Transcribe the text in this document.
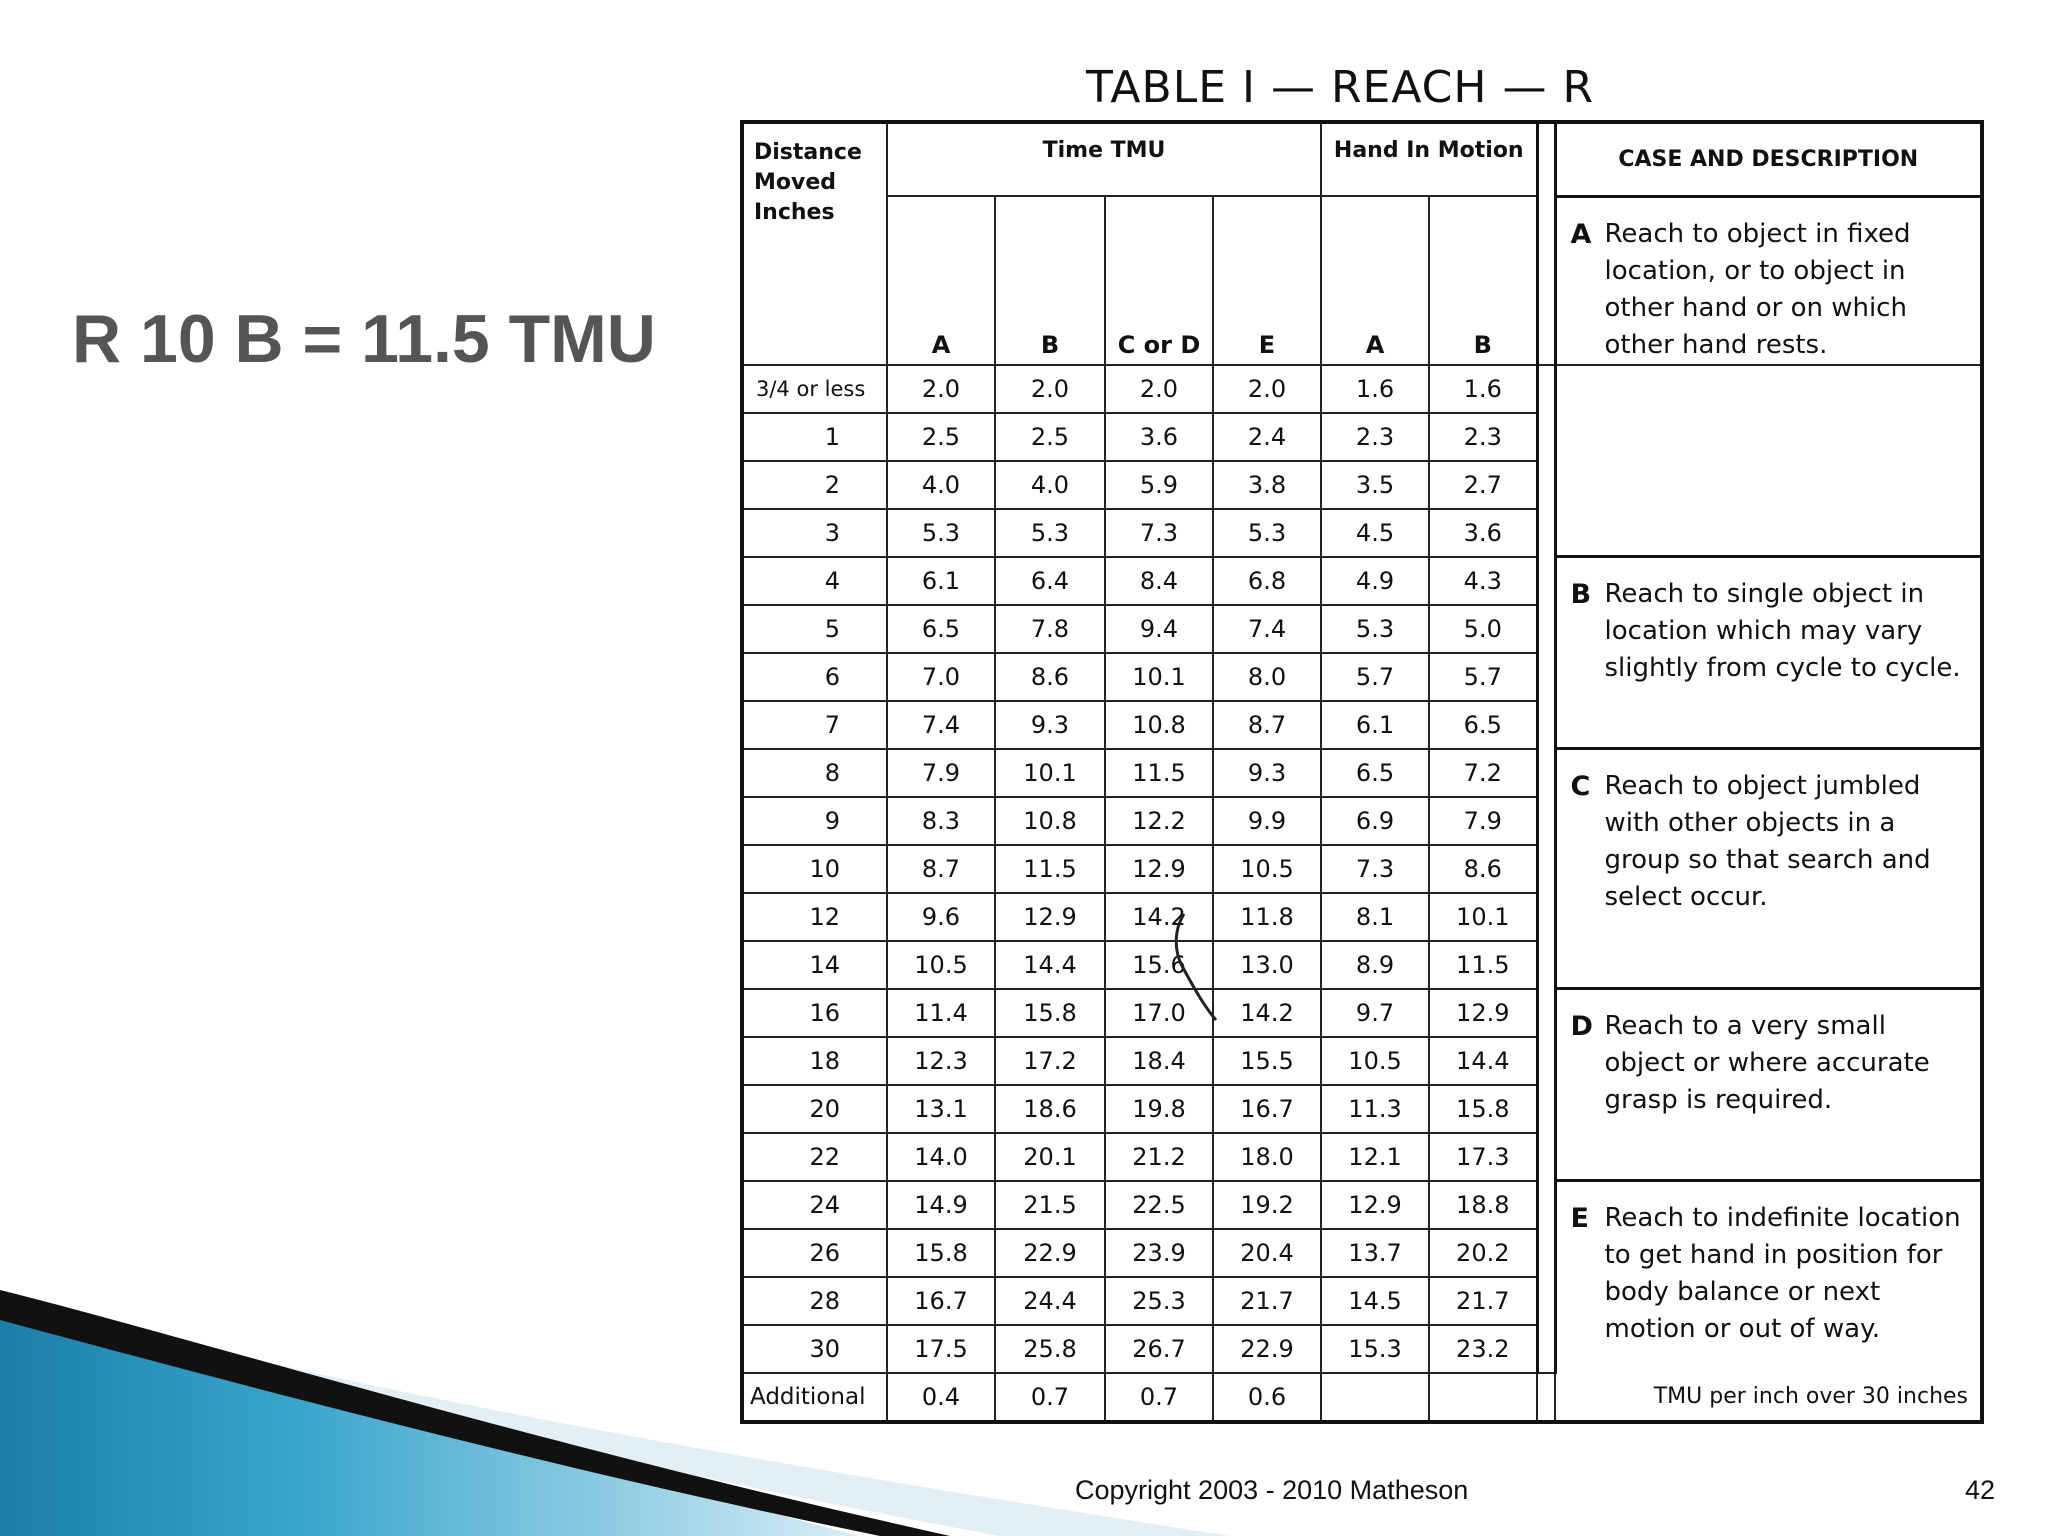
R 10 B = 11.5 TMU
TABLE I — REACH — R
Distance Moved Inches	Time TMU				Hand In Motion			CASE AND DESCRIPTION
	A	B	C or D	E	A	B		A Reach to object in fixed location, or to object in other hand or on which other hand rests.

3/4 or less	2.0	2.0	2.0	2.0	1.6	1.6		
1	2.5	2.5	3.6	2.4	2.3	2.3		
2	4.0	4.0	5.9	3.8	3.5	2.7		
3	5.3	5.3	7.3	5.3	4.5	3.6		
4	6.1	6.4	8.4	6.8	4.9	4.3		B Reach to single object in location which may vary slightly from cycle to cycle.

5	6.5	7.8	9.4	7.4	5.3	5.0		
6	7.0	8.6	10.1	8.0	5.7	5.7		
7	7.4	9.3	10.8	8.7	6.1	6.5		
8	7.9	10.1	11.5	9.3	6.5	7.2		C Reach to object jumbled with other objects in a group so that search and select occur.

9	8.3	10.8	12.2	9.9	6.9	7.9		
10	8.7	11.5	12.9	10.5	7.3	8.6		
12	9.6	12.9	14.2	11.8	8.1	10.1		
14	10.5	14.4	15.6	13.0	8.9	11.5		
16	11.4	15.8	17.0	14.2	9.7	12.9		D Reach to a very small object or where accurate grasp is required.

18	12.3	17.2	18.4	15.5	10.5	14.4		
20	13.1	18.6	19.8	16.7	11.3	15.8		
22	14.0	20.1	21.2	18.0	12.1	17.3		
24	14.9	21.5	22.5	19.2	12.9	18.8		E Reach to indefinite location to get hand in position for body balance or next motion or out of way.

26	15.8	22.9	23.9	20.4	13.7	20.2		
28	16.7	24.4	25.3	21.7	14.5	21.7		
30	17.5	25.8	26.7	22.9	15.3	23.2		
Additional	0.4	0.7	0.7	0.6			TMU per inch over 30 inches	
Copyright 2003 - 2010 Matheson	42
